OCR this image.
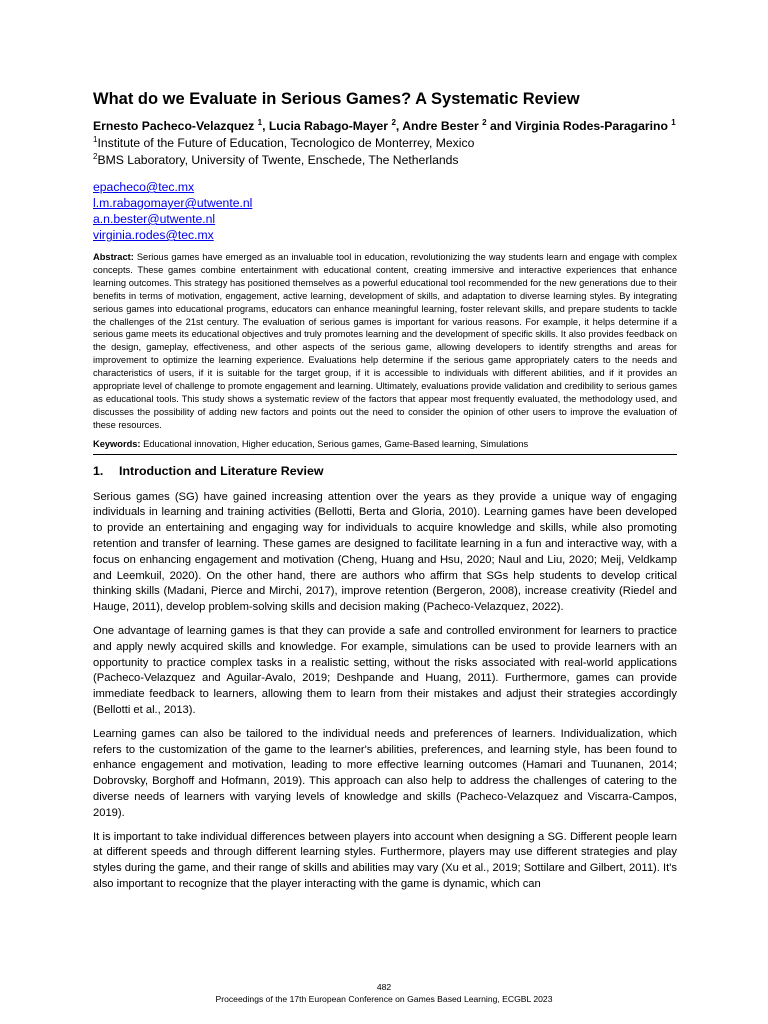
What do we Evaluate in Serious Games? A Systematic Review
Ernesto Pacheco-Velazquez $^1$, Lucia Rabago-Mayer $^2$, Andre Bester $^2$ and Virginia Rodes-Paragarino $^1$
$^1$Institute of the Future of Education, Tecnologico de Monterrey, Mexico
$^2$BMS Laboratory, University of Twente, Enschede, The Netherlands
epacheco@tec.mx
l.m.rabagomayer@utwente.nl
a.n.bester@utwente.nl
virginia.rodes@tec.mx
Abstract: Serious games have emerged as an invaluable tool in education, revolutionizing the way students learn and engage with complex concepts. These games combine entertainment with educational content, creating immersive and interactive experiences that enhance learning outcomes. This strategy has positioned themselves as a powerful educational tool recommended for the new generations due to their benefits in terms of motivation, engagement, active learning, development of skills, and adaptation to diverse learning styles. By integrating serious games into educational programs, educators can enhance meaningful learning, foster relevant skills, and prepare students to tackle the challenges of the 21st century. The evaluation of serious games is important for various reasons. For example, it helps determine if a serious game meets its educational objectives and truly promotes learning and the development of specific skills. It also provides feedback on the design, gameplay, effectiveness, and other aspects of the serious game, allowing developers to identify strengths and areas for improvement to optimize the learning experience. Evaluations help determine if the serious game appropriately caters to the needs and characteristics of users, if it is suitable for the target group, if it is accessible to individuals with different abilities, and if it provides an appropriate level of challenge to promote engagement and learning. Ultimately, evaluations provide validation and credibility to serious games as educational tools. This study shows a systematic review of the factors that appear most frequently evaluated, the methodology used, and discusses the possibility of adding new factors and points out the need to consider the opinion of other users to improve the evaluation of these resources.
Keywords: Educational innovation, Higher education, Serious games, Game-Based learning, Simulations
1.	Introduction and Literature Review

Serious games (SG) have gained increasing attention over the years as they provide a unique way of engaging individuals in learning and training activities (Bellotti, Berta and Gloria, 2010). Learning games have been developed to provide an entertaining and engaging way for individuals to acquire knowledge and skills, while also promoting retention and transfer of learning. These games are designed to facilitate learning in a fun and interactive way, with a focus on enhancing engagement and motivation (Cheng, Huang and Hsu, 2020; Naul and Liu, 2020; Meij, Veldkamp and Leemkuil, 2020). On the other hand, there are authors who affirm that SGs help students to develop critical thinking skills (Madani, Pierce and Mirchi, 2017), improve retention (Bergeron, 2008), increase creativity (Riedel and Hauge, 2011), develop problem-solving skills and decision making (Pacheco-Velazquez, 2022).

One advantage of learning games is that they can provide a safe and controlled environment for learners to practice and apply newly acquired skills and knowledge. For example, simulations can be used to provide learners with an opportunity to practice complex tasks in a realistic setting, without the risks associated with real-world applications (Pacheco-Velazquez and Aguilar-Avalo, 2019; Deshpande and Huang, 2011). Furthermore, games can provide immediate feedback to learners, allowing them to learn from their mistakes and adjust their strategies accordingly (Bellotti et al., 2013).

Learning games can also be tailored to the individual needs and preferences of learners. Individualization, which refers to the customization of the game to the learner's abilities, preferences, and learning style, has been found to enhance engagement and motivation, leading to more effective learning outcomes (Hamari and Tuunanen, 2014; Dobrovsky, Borghoff and Hofmann, 2019). This approach can also help to address the challenges of catering to the diverse needs of learners with varying levels of knowledge and skills (Pacheco-Velazquez and Viscarra-Campos, 2019).

It is important to take individual differences between players into account when designing a SG. Different people learn at different speeds and through different learning styles. Furthermore, players may use different strategies and play styles during the game, and their range of skills and abilities may vary (Xu et al., 2019; Sottilare and Gilbert, 2011). It's also important to recognize that the player interacting with the game is dynamic, which can

482
Proceedings of the 17th European Conference on Games Based Learning, ECGBL 2023
